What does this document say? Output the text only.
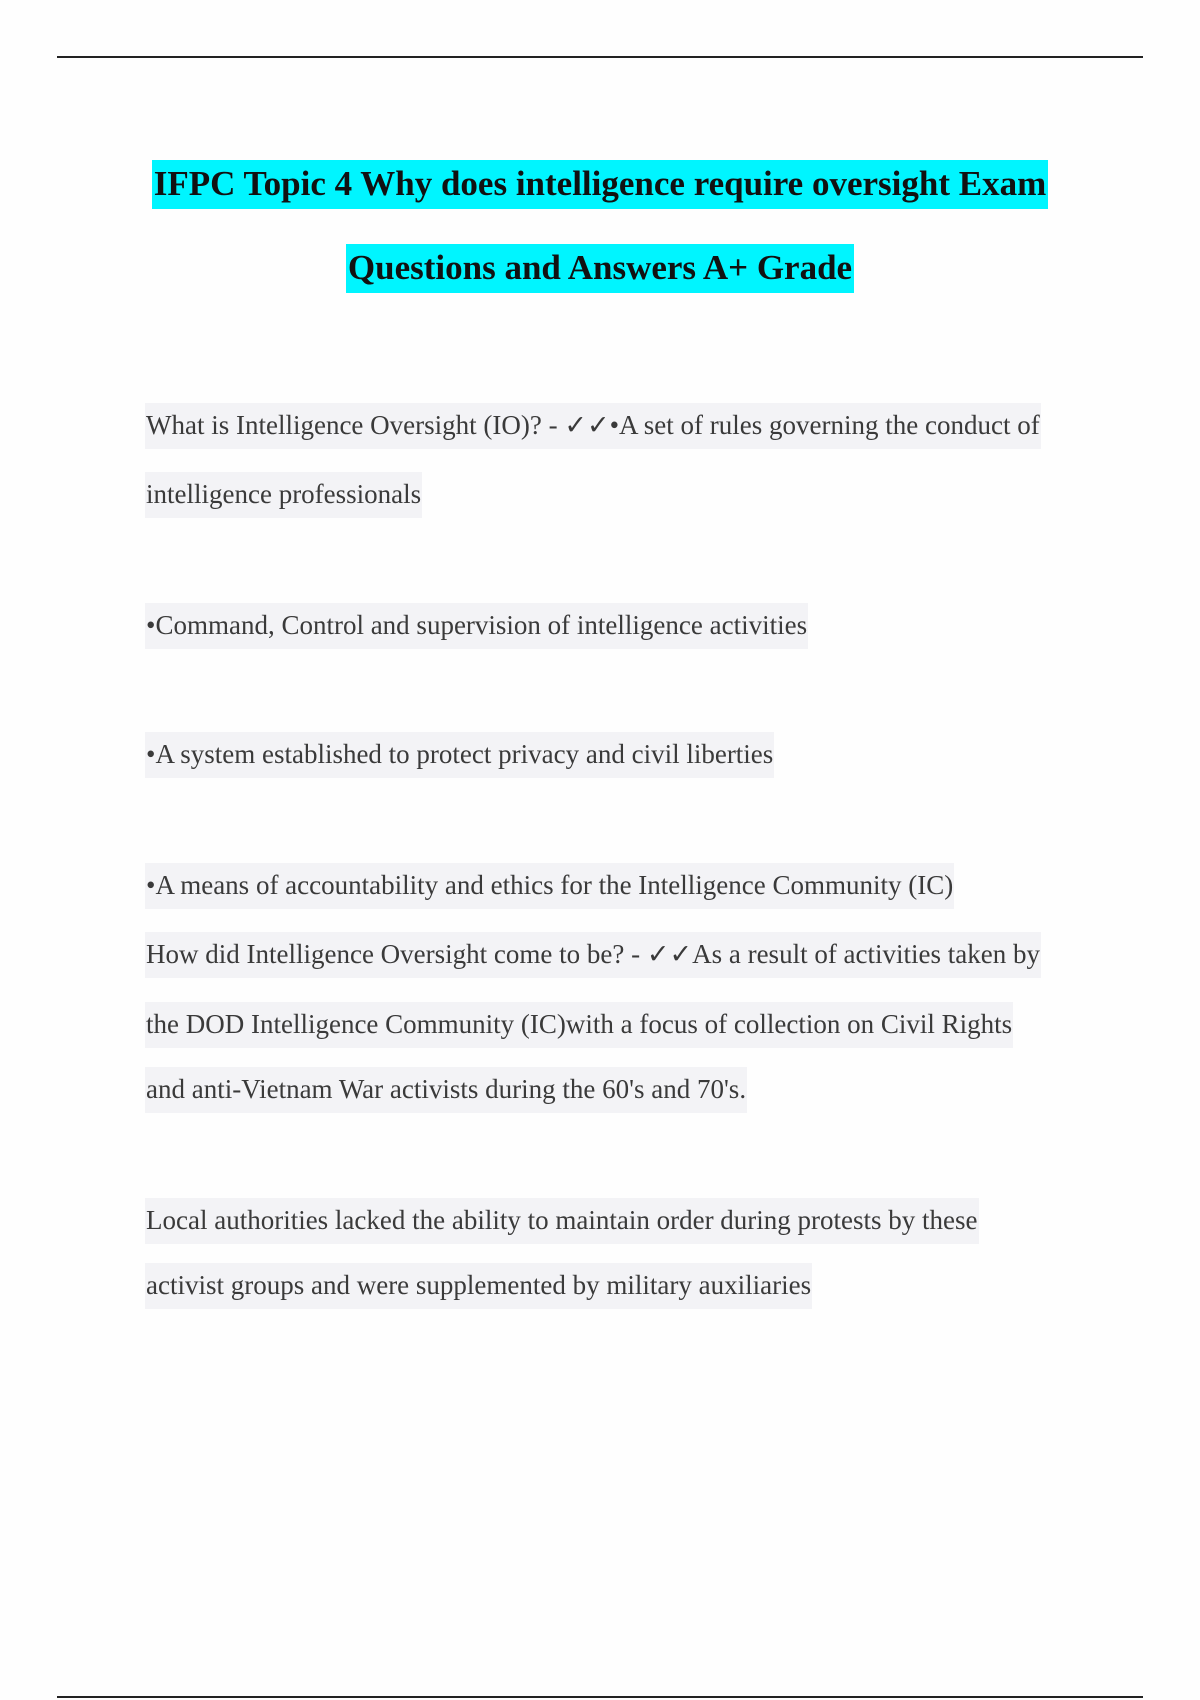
IFPC Topic 4 Why does intelligence require oversight Exam
Questions and Answers A+ Grade
What is Intelligence Oversight (IO)? - ✓✓•A set of rules governing the conduct of
intelligence professionals
•Command, Control and supervision of intelligence activities
•A system established to protect privacy and civil liberties
•A means of accountability and ethics for the Intelligence Community (IC)
How did Intelligence Oversight come to be? - ✓✓As a result of activities taken by
the DOD Intelligence Community (IC)with a focus of collection on Civil Rights
and anti-Vietnam War activists during the 60's and 70's.
Local authorities lacked the ability to maintain order during protests by these
activist groups and were supplemented by military auxiliaries
